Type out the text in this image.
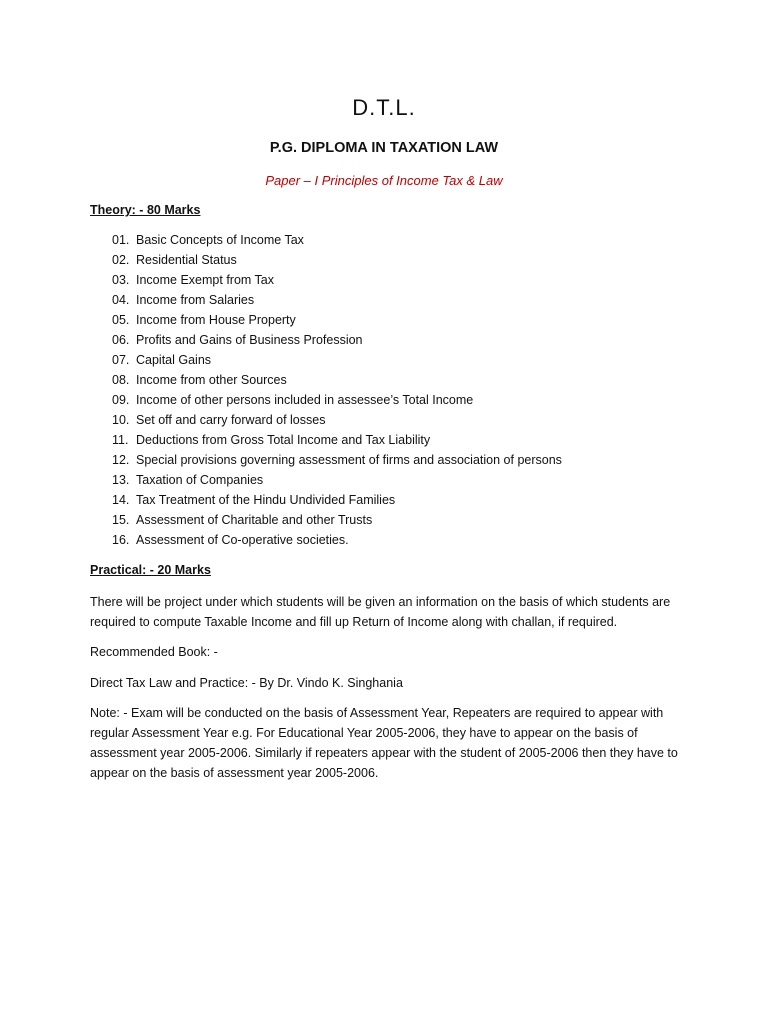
D.T.L.
P.G. DIPLOMA IN TAXATION LAW
Paper – I Principles of Income Tax & Law
Theory: - 80 Marks
01. Basic Concepts of Income Tax
02. Residential Status
03. Income Exempt from Tax
04. Income from Salaries
05. Income from House Property
06. Profits and Gains of Business Profession
07. Capital Gains
08. Income from other Sources
09. Income of other persons included in assessee’s Total Income
10. Set off and carry forward of losses
11. Deductions from Gross Total Income and Tax Liability
12. Special provisions governing assessment of firms and association of persons
13. Taxation of Companies
14. Tax Treatment of the Hindu Undivided Families
15. Assessment of Charitable and other Trusts
16. Assessment of Co-operative societies.
Practical: - 20 Marks

There will be project under which students will be given an information on the basis of which students are required to compute Taxable Income and fill up Return of Income along with challan, if required.

Recommended Book: -

Direct Tax Law and Practice: - By Dr. Vindo K. Singhania

Note: - Exam will be conducted on the basis of Assessment Year, Repeaters are required to appear with regular Assessment Year e.g. For Educational Year 2005-2006, they have to appear on the basis of assessment year 2005-2006. Similarly if repeaters appear with the student of 2005-2006 then they have to appear on the basis of assessment year 2005-2006.
